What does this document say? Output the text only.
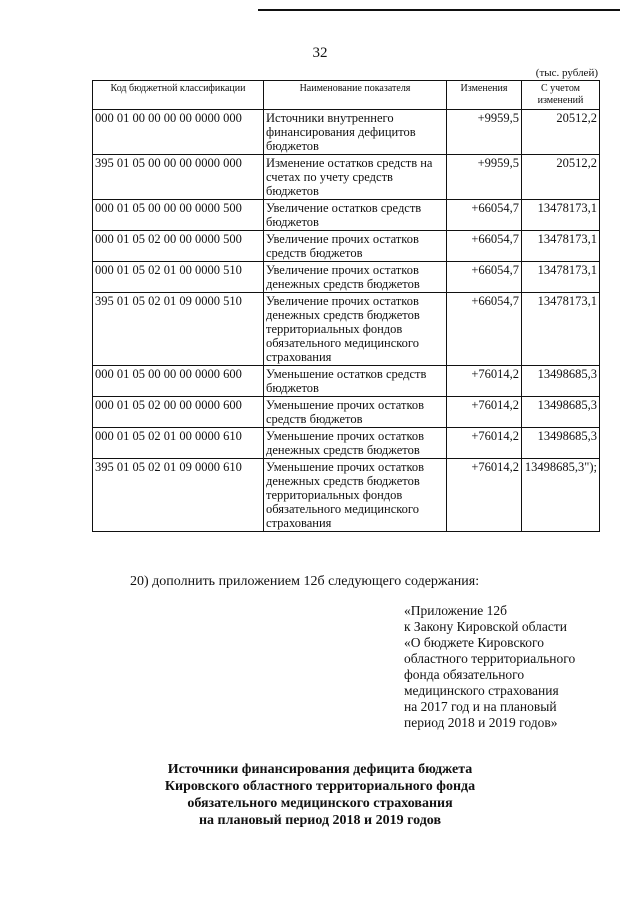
32
(тыс. рублей)
Код бюджетной классификации	Наименование показателя	Изменения	С учетом изменений
000 01 00 00 00 00 0000 000	Источники внутреннего финансирования дефицитов бюджетов	+9959,5	20512,2
395 01 05 00 00 00 0000 000	Изменение остатков средств на счетах по учету средств бюджетов	+9959,5	20512,2
000 01 05 00 00 00 0000 500	Увеличение остатков средств бюджетов	+66054,7	13478173,1
000 01 05 02 00 00 0000 500	Увеличение прочих остатков средств бюджетов	+66054,7	13478173,1
000 01 05 02 01 00 0000 510	Увеличение прочих остатков денежных средств бюджетов	+66054,7	13478173,1
395 01 05 02 01 09 0000 510	Увеличение прочих остатков денежных средств бюджетов территориальных фондов обязательного медицинского страхования	+66054,7	13478173,1
000 01 05 00 00 00 0000 600	Уменьшение остатков средств бюджетов	+76014,2	13498685,3
000 01 05 02 00 00 0000 600	Уменьшение прочих остатков средств бюджетов	+76014,2	13498685,3
000 01 05 02 01 00 0000 610	Уменьшение прочих остатков денежных средств бюджетов	+76014,2	13498685,3
395 01 05 02 01 09 0000 610	Уменьшение прочих остатков денежных средств бюджетов территориальных фондов обязательного медицинского страхования	+76014,2	13498685,3");
20) дополнить приложением 12б следующего содержания:
«Приложение 12б
к Закону Кировской области
«О бюджете Кировского
областного территориального
фонда обязательного
медицинского страхования
на 2017 год и на плановый
период 2018 и 2019 годов»
Источники финансирования дефицита бюджета
Кировского областного территориального фонда
обязательного медицинского страхования
на плановый период 2018 и 2019 годов
